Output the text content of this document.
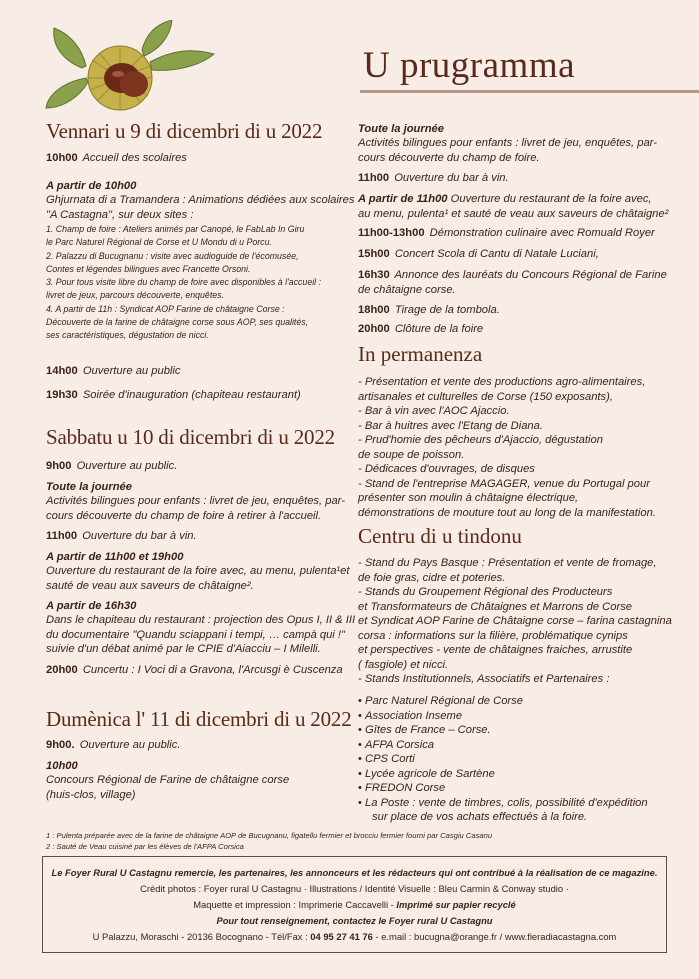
U prugramma
Vennari u 9 di dicembri di u 2022
10h00 Accueil des scolaires
A partir de 10h00
Ghjurnata di a Tramandera : Animations dédiées aux scolaires
"A Castagna", sur deux sites :
1. Champ de foire : Ateliers animés par Canopé, le FabLab In Giru
le Parc Naturel Régional de Corse et U Mondu di u Porcu.
2. Palazzu di Bucugnanu : visite avec audioguide de l'écomusée,
Contes et légendes bilingues avec Francette Orsoni.
3. Pour tous visite libre du champ de foire avec disponibles à l'accueil :
livret de jeux, parcours découverte, enquêtes.
4. A partir de 11h : Syndicat AOP Farine de châtaigne Corse :
Découverte de la farine de châtaigne corse sous AOP, ses qualités,
ses caractéristiques, dégustation de nicci.
14h00 Ouverture au public
19h30 Soirée d'inauguration (chapiteau restaurant)
Sabbatu u 10 di dicembri di u 2022
9h00 Ouverture au public.
Toute la journée
Activités bilingues pour enfants : livret de jeu, enquêtes, par-
cours découverte du champ de foire à retirer à l'accueil.
11h00 Ouverture du bar à vin.
A partir de 11h00 et 19h00
Ouverture du restaurant de la foire avec, au menu, pulenta¹et
sauté de veau aux saveurs de châtaigne².
A partir de 16h30
Dans le chapiteau du restaurant : projection des Opus I, II & III
du documentaire "Quandu sciappani i tempi, … campà qui !"
suivie d'un débat animé par le CPIE d'Aiacciu – I Milelli.
20h00 Cuncertu : I Voci di a Gravona, l'Arcusgi è Cuscenza
Dumènica l' 11 di dicembri di u 2022
9h00. Ouverture au public.
10h00
Concours Régional de Farine de châtaigne corse
(huis-clos, village)
Toute la journée
Activités bilingues pour enfants : livret de jeu, enquêtes, par-
cours découverte du champ de foire.
11h00 Ouverture du bar à vin.
A partir de 11h00 Ouverture du restaurant de la foire avec,
au menu, pulenta¹ et sauté de veau aux saveurs de châtaigne²
11h00-13h00 Démonstration culinaire avec Romuald Royer
15h00 Concert Scola di Cantu di Natale Luciani,
16h30 Annonce des lauréats du Concours Régional de Farine
de châtaigne corse.
18h00 Tirage de la tombola.
20h00 Clôture de la foire
In permanenza
- Présentation et vente des productions agro-alimentaires,
artisanales et culturelles de Corse (150 exposants),
- Bar à vin avec l'AOC Ajaccio.
- Bar à huitres avec l'Etang de Diana.
- Prud'homie des pêcheurs d'Ajaccio, dégustation
de soupe de poisson.
- Dédicaces d'ouvrages, de disques
- Stand de l'entreprise MAGAGER, venue du Portugal pour
présenter son moulin à châtaigne électrique,
démonstrations de mouture tout au long de la manifestation.
Centru di u tindonu
- Stand du Pays Basque : Présentation et vente de fromage,
de foie gras, cidre et poteries.
- Stands du Groupement Régional des Producteurs
et Transformateurs de Châtaignes et Marrons de Corse
et Syndicat AOP Farine de Châtaigne corse – farina castagnina
corsa : informations sur la filière, problématique cynips
et perspectives - vente de châtaignes fraiches, arrustite
( fasgiole) et nicci.
- Stands Institutionnels, Associatifs et Partenaires :
• Parc Naturel Régional de Corse
• Association Inseme
• Gîtes de France – Corse.
• AFPA Corsica
• CPS Corti
• Lycée agricole de Sartène
• FREDON Corse
• La Poste : vente de timbres, colis, possibilité d'expédition
sur place de vos achats effectués à la foire.
1 : Pulenta préparée avec de la farine de châtaigne AOP de Bucugnanu, figatellu fermier et brocciu fermier fourni par Casgiu Casanu
2 : Sauté de Veau cuisiné par les élèves de l'AFPA Corsica
Le Foyer Rural U Castagnu remercie, les partenaires, les annonceurs et les rédacteurs qui ont contribué à la réalisation de ce magazine.
Crédit photos : Foyer rural U Castagnu · Illustrations / Identité Visuelle : Bleu Carmin & Conway studio ·
Maquette et impression : Imprimerie Caccavelli - Imprimé sur papier recyclé
Pour tout renseignement, contactez le Foyer rural U Castagnu
U Palazzu, Moraschi - 20136 Bocognano - Tél/Fax : 04 95 27 41 76 - e.mail : bucugna@orange.fr / www.fieradiacastagna.com
